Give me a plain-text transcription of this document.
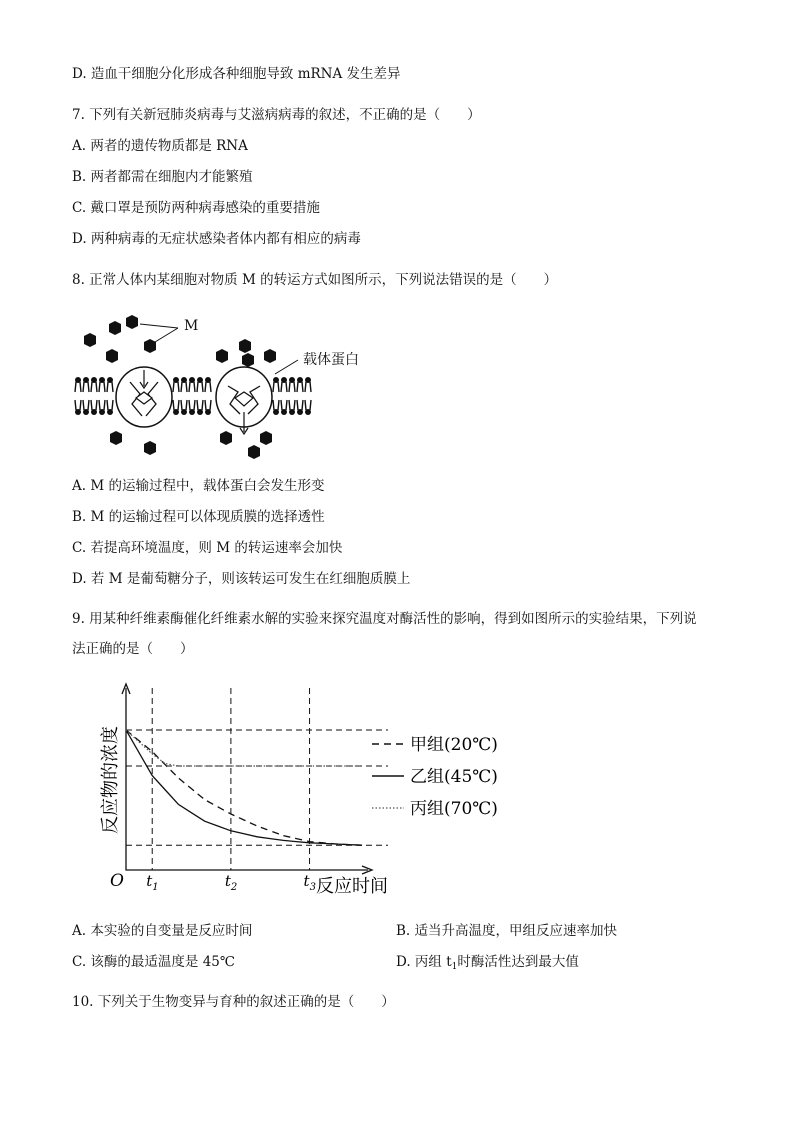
D. 造血干细胞分化形成各种细胞导致 mRNA 发生差异
7. 下列有关新冠肺炎病毒与艾滋病病毒的叙述，不正确的是（　　）
A. 两者的遗传物质都是 RNA
B. 两者都需在细胞内才能繁殖
C. 戴口罩是预防两种病毒感染的重要措施
D. 两种病毒的无症状感染者体内都有相应的病毒
8. 正常人体内某细胞对物质 M 的转运方式如图所示，下列说法错误的是（　　）
M
载体蛋白
A. M 的运输过程中，载体蛋白会发生形变
B. M 的运输过程可以体现质膜的选择透性
C. 若提高环境温度，则 M 的转运速率会加快
D. 若 M 是葡萄糖分子，则该转运可发生在红细胞质膜上
9. 用某种纤维素酶催化纤维素水解的实验来探究温度对酶活性的影响，得到如图所示的实验结果，下列说
法正确的是（　　）
O
反应物的浓度
反应时间
$t_1$	$t_2$	$t_3$
甲组(20℃)
乙组(45℃)
丙组(70℃)
A. 本实验的自变量是反应时间	B. 适当升高温度，甲组反应速率加快
C. 该酶的最适温度是 45℃	D. 丙组 $t_1$时酶活性达到最大值
10. 下列关于生物变异与育种的叙述正确的是（　　）
